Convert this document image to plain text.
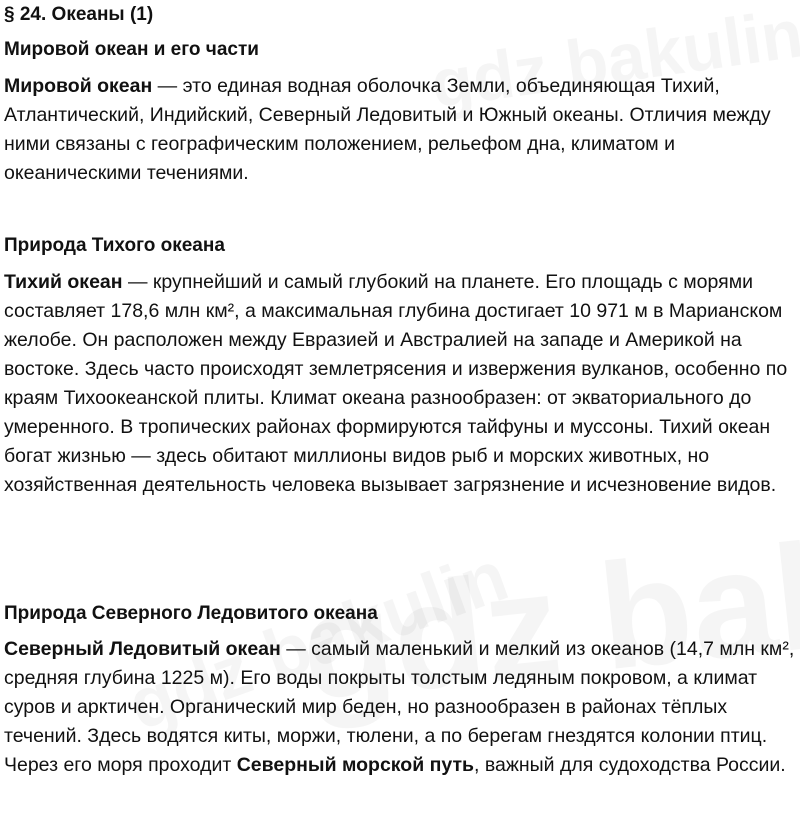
§ 24. Океаны (1)
Мировой океан и его части

Мировой океан — это единая водная оболочка Земли, объединяющая Тихий, Атлантический, Индийский, Северный Ледовитый и Южный океаны. Отличия между ними связаны с географическим положением, рельефом дна, климатом и океаническими течениями.

Природа Тихого океана

Тихий океан — крупнейший и самый глубокий на планете. Его площадь с морями составляет 178,6 млн км², а максимальная глубина достигает 10 971 м в Марианском желобе. Он расположен между Евразией и Австралией на западе и Америкой на востоке. Здесь часто происходят землетрясения и извержения вулканов, особенно по краям Тихоокеанской плиты. Климат океана разнообразен: от экваториального до умеренного. В тропических районах формируются тайфуны и муссоны. Тихий океан богат жизнью — здесь обитают миллионы видов рыб и морских животных, но хозяйственная деятельность человека вызывает загрязнение и исчезновение видов.

Природа Северного Ледовитого океана

Северный Ледовитый океан — самый маленький и мелкий из океанов (14,7 млн км², средняя глубина 1225 м). Его воды покрыты толстым ледяным покровом, а климат суров и арктичен. Органический мир беден, но разнообразен в районах тёплых течений. Здесь водятся киты, моржи, тюлени, а по берегам гнездятся колонии птиц. Через его моря проходит Северный морской путь, важный для судоходства России.
